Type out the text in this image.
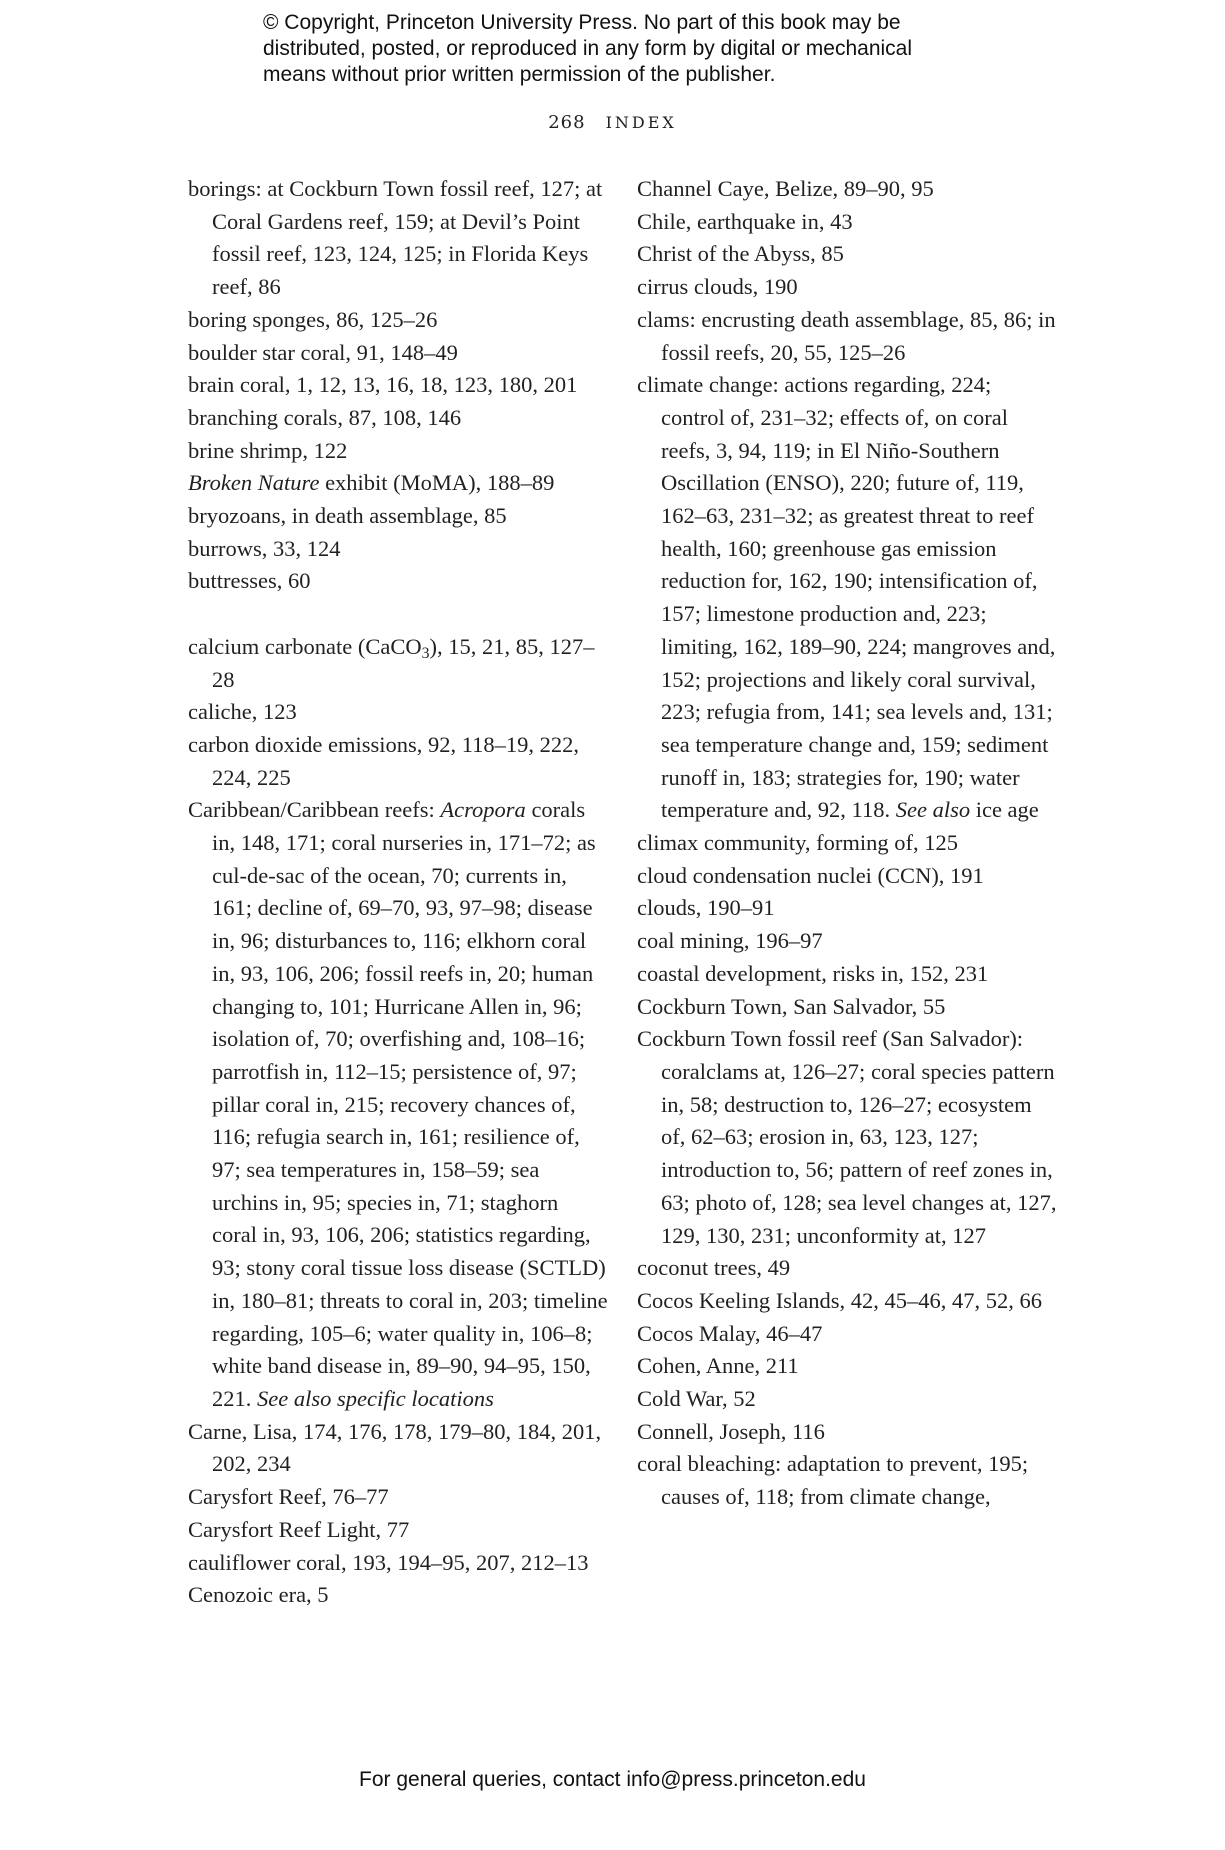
© Copyright, Princeton University Press. No part of this book may be
distributed, posted, or reproduced in any form by digital or mechanical
means without prior written permission of the publisher.
268 INDEX
borings: at Cockburn Town fossil reef, 127; at Coral Gardens reef, 159; at Devil’s Point fossil reef, 123, 124, 125; in Florida Keys reef, 86
boring sponges, 86, 125–26
boulder star coral, 91, 148–49
brain coral, 1, 12, 13, 16, 18, 123, 180, 201
branching corals, 87, 108, 146
brine shrimp, 122
Broken Nature exhibit (MoMA), 188–89
bryozoans, in death assemblage, 85
burrows, 33, 124
buttresses, 60
calcium carbonate (CaCO$_3$), 15, 21, 85, 127–28
caliche, 123
carbon dioxide emissions, 92, 118–19, 222, 224, 225
Caribbean/Caribbean reefs: Acropora corals in, 148, 171; coral nurseries in, 171–72; as cul-de-sac of the ocean, 70; currents in, 161; decline of, 69–70, 93, 97–98; disease in, 96; disturbances to, 116; elkhorn coral in, 93, 106, 206; fossil reefs in, 20; human changing to, 101; Hurricane Allen in, 96; isolation of, 70; overfishing and, 108–16; parrotfish in, 112–15; persistence of, 97; pillar coral in, 215; recovery chances of, 116; refugia search in, 161; resilience of, 97; sea temperatures in, 158–59; sea urchins in, 95; species in, 71; staghorn coral in, 93, 106, 206; statistics regarding, 93; stony coral tissue loss disease (SCTLD) in, 180–81; threats to coral in, 203; timeline regarding, 105–6; water quality in, 106–8; white band disease in, 89–90, 94–95, 150, 221. See also specific locations
Carne, Lisa, 174, 176, 178, 179–80, 184, 201, 202, 234
Carysfort Reef, 76–77
Carysfort Reef Light, 77
cauliflower coral, 193, 194–95, 207, 212–13
Cenozoic era, 5
Channel Caye, Belize, 89–90, 95
Chile, earthquake in, 43
Christ of the Abyss, 85
cirrus clouds, 190
clams: encrusting death assemblage, 85, 86; in fossil reefs, 20, 55, 125–26
climate change: actions regarding, 224; control of, 231–32; effects of, on coral reefs, 3, 94, 119; in El Niño-Southern Oscillation (ENSO), 220; future of, 119, 162–63, 231–32; as greatest threat to reef health, 160; greenhouse gas emission reduction for, 162, 190; intensification of, 157; limestone production and, 223; limiting, 162, 189–90, 224; mangroves and, 152; projections and likely coral survival, 223; refugia from, 141; sea levels and, 131; sea temperature change and, 159; sediment runoff in, 183; strategies for, 190; water temperature and, 92, 118. See also ice age
climax community, forming of, 125
cloud condensation nuclei (CCN), 191
clouds, 190–91
coal mining, 196–97
coastal development, risks in, 152, 231
Cockburn Town, San Salvador, 55
Cockburn Town fossil reef (San Salvador): coralclams at, 126–27; coral species pattern in, 58; destruction to, 126–27; ecosystem of, 62–63; erosion in, 63, 123, 127; introduction to, 56; pattern of reef zones in, 63; photo of, 128; sea level changes at, 127, 129, 130, 231; unconformity at, 127
coconut trees, 49
Cocos Keeling Islands, 42, 45–46, 47, 52, 66
Cocos Malay, 46–47
Cohen, Anne, 211
Cold War, 52
Connell, Joseph, 116
coral bleaching: adaptation to prevent, 195; causes of, 118; from climate change,
For general queries, contact info@press.princeton.edu
